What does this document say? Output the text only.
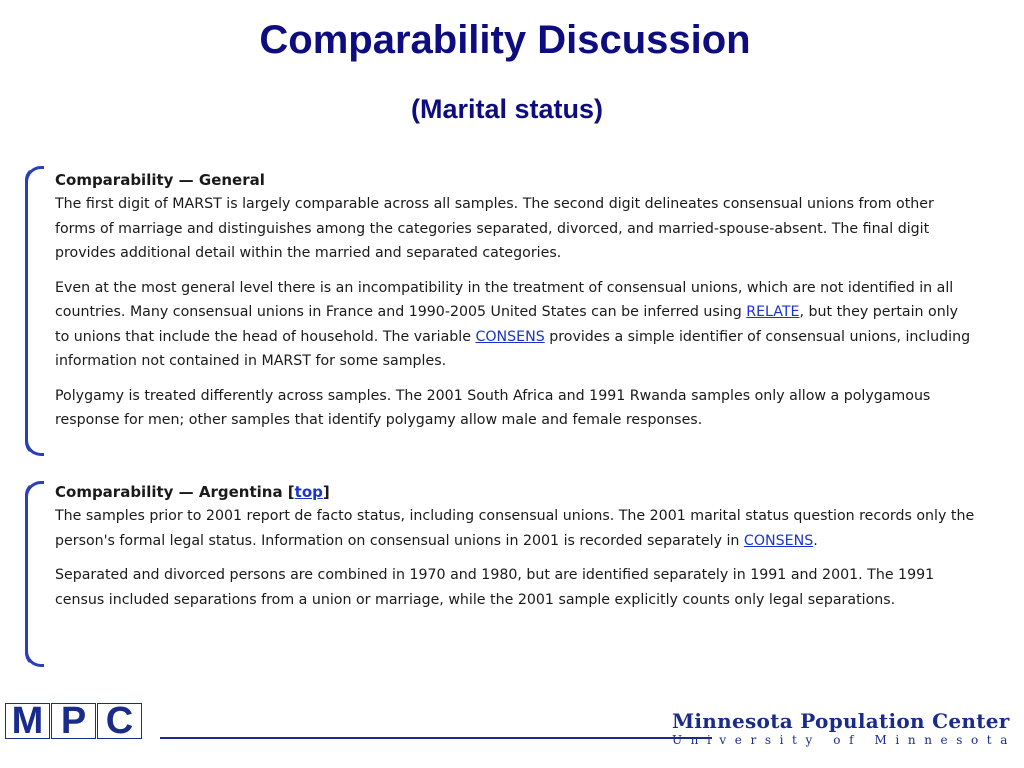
Comparability Discussion
(Marital status)
Comparability — General

The first digit of MARST is largely comparable across all samples. The second digit delineates consensual unions from other forms of marriage and distinguishes among the categories separated, divorced, and married-spouse-absent. The final digit provides additional detail within the married and separated categories.

Even at the most general level there is an incompatibility in the treatment of consensual unions, which are not identified in all countries. Many consensual unions in France and 1990-2005 United States can be inferred using RELATE, but they pertain only to unions that include the head of household. The variable CONSENS provides a simple identifier of consensual unions, including information not contained in MARST for some samples.

Polygamy is treated differently across samples. The 2001 South Africa and 1991 Rwanda samples only allow a polygamous response for men; other samples that identify polygamy allow male and female responses.

Comparability — Argentina [top]

The samples prior to 2001 report de facto status, including consensual unions. The 2001 marital status question records only the person's formal legal status. Information on consensual unions in 2001 is recorded separately in CONSENS.

Separated and divorced persons are combined in 1970 and 1980, but are identified separately in 1991 and 2001. The 1991 census included separations from a union or marriage, while the 2001 sample explicitly counts only legal separations.

M P C	Minnesota Population Center
University of Minnesota
